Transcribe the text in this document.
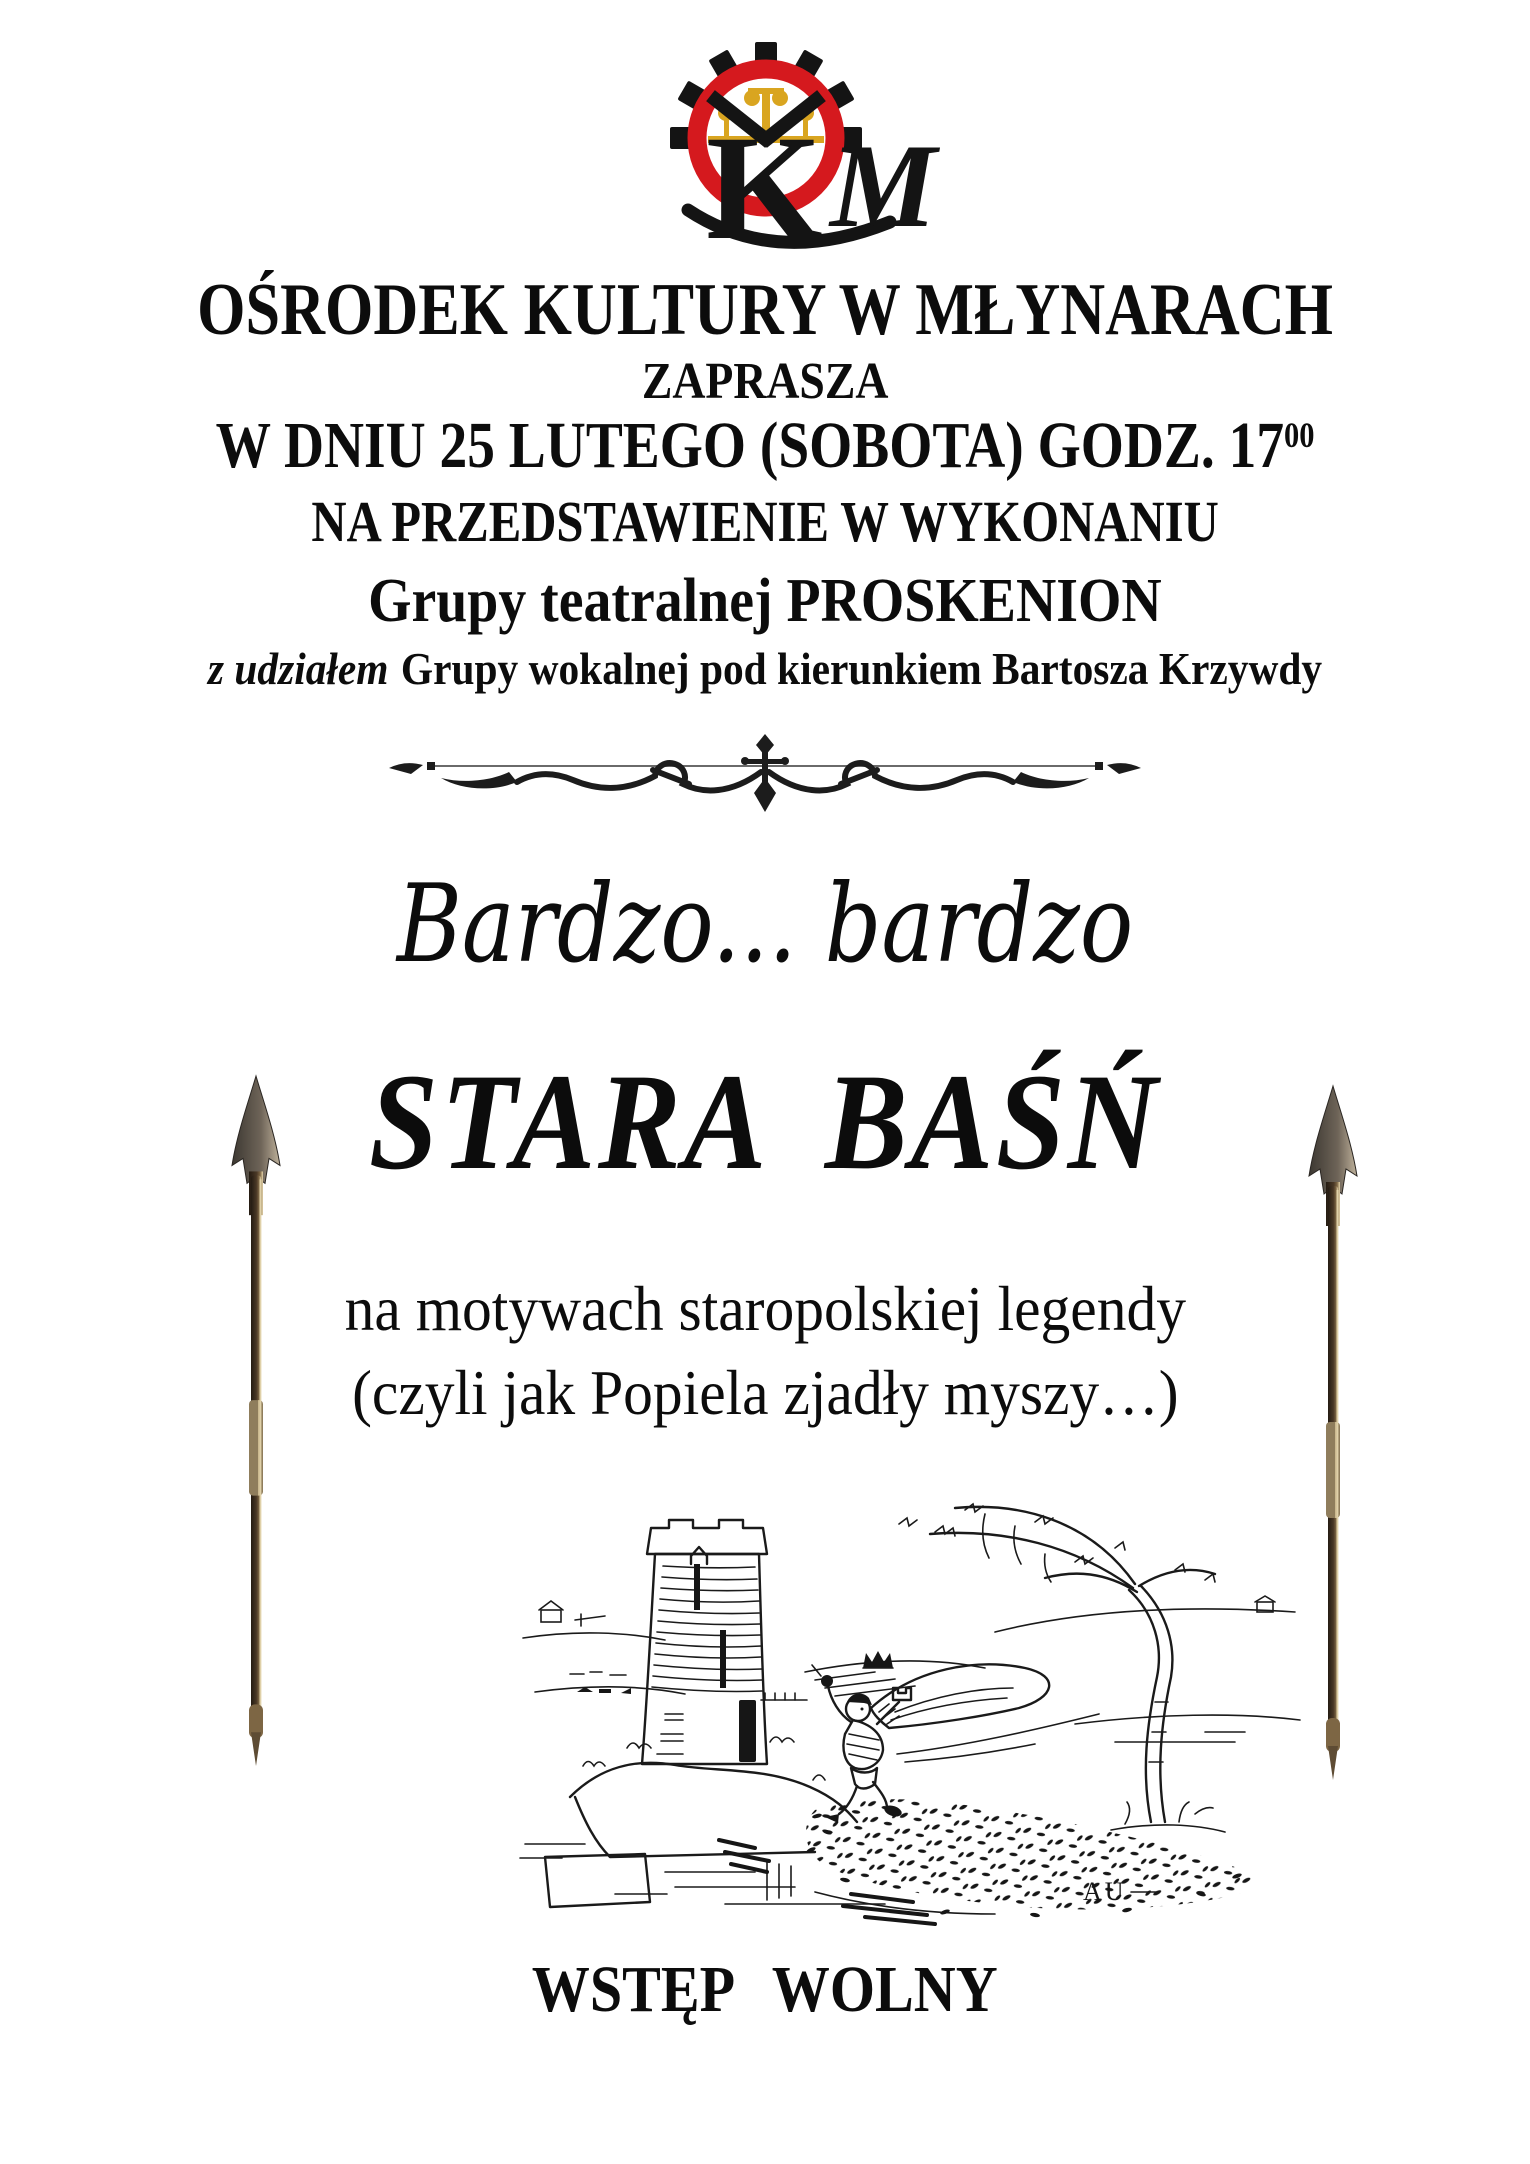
K M
OŚRODEK KULTURY W MŁYNARACH
ZAPRASZA
W DNIU 25 LUTEGO (SOBOTA) GODZ. $17^{00}$
NA PRZEDSTAWIENIE W WYKONANIU
Grupy teatralnej PROSKENION
z udziałem Grupy wokalnej pod kierunkiem Bartosza Krzywdy
Bardzo... bardzo
STARA BAŚŃ
na motywach staropolskiej legendy
(czyli jak Popiela zjadły myszy…)
AU
WSTĘP WOLNY
